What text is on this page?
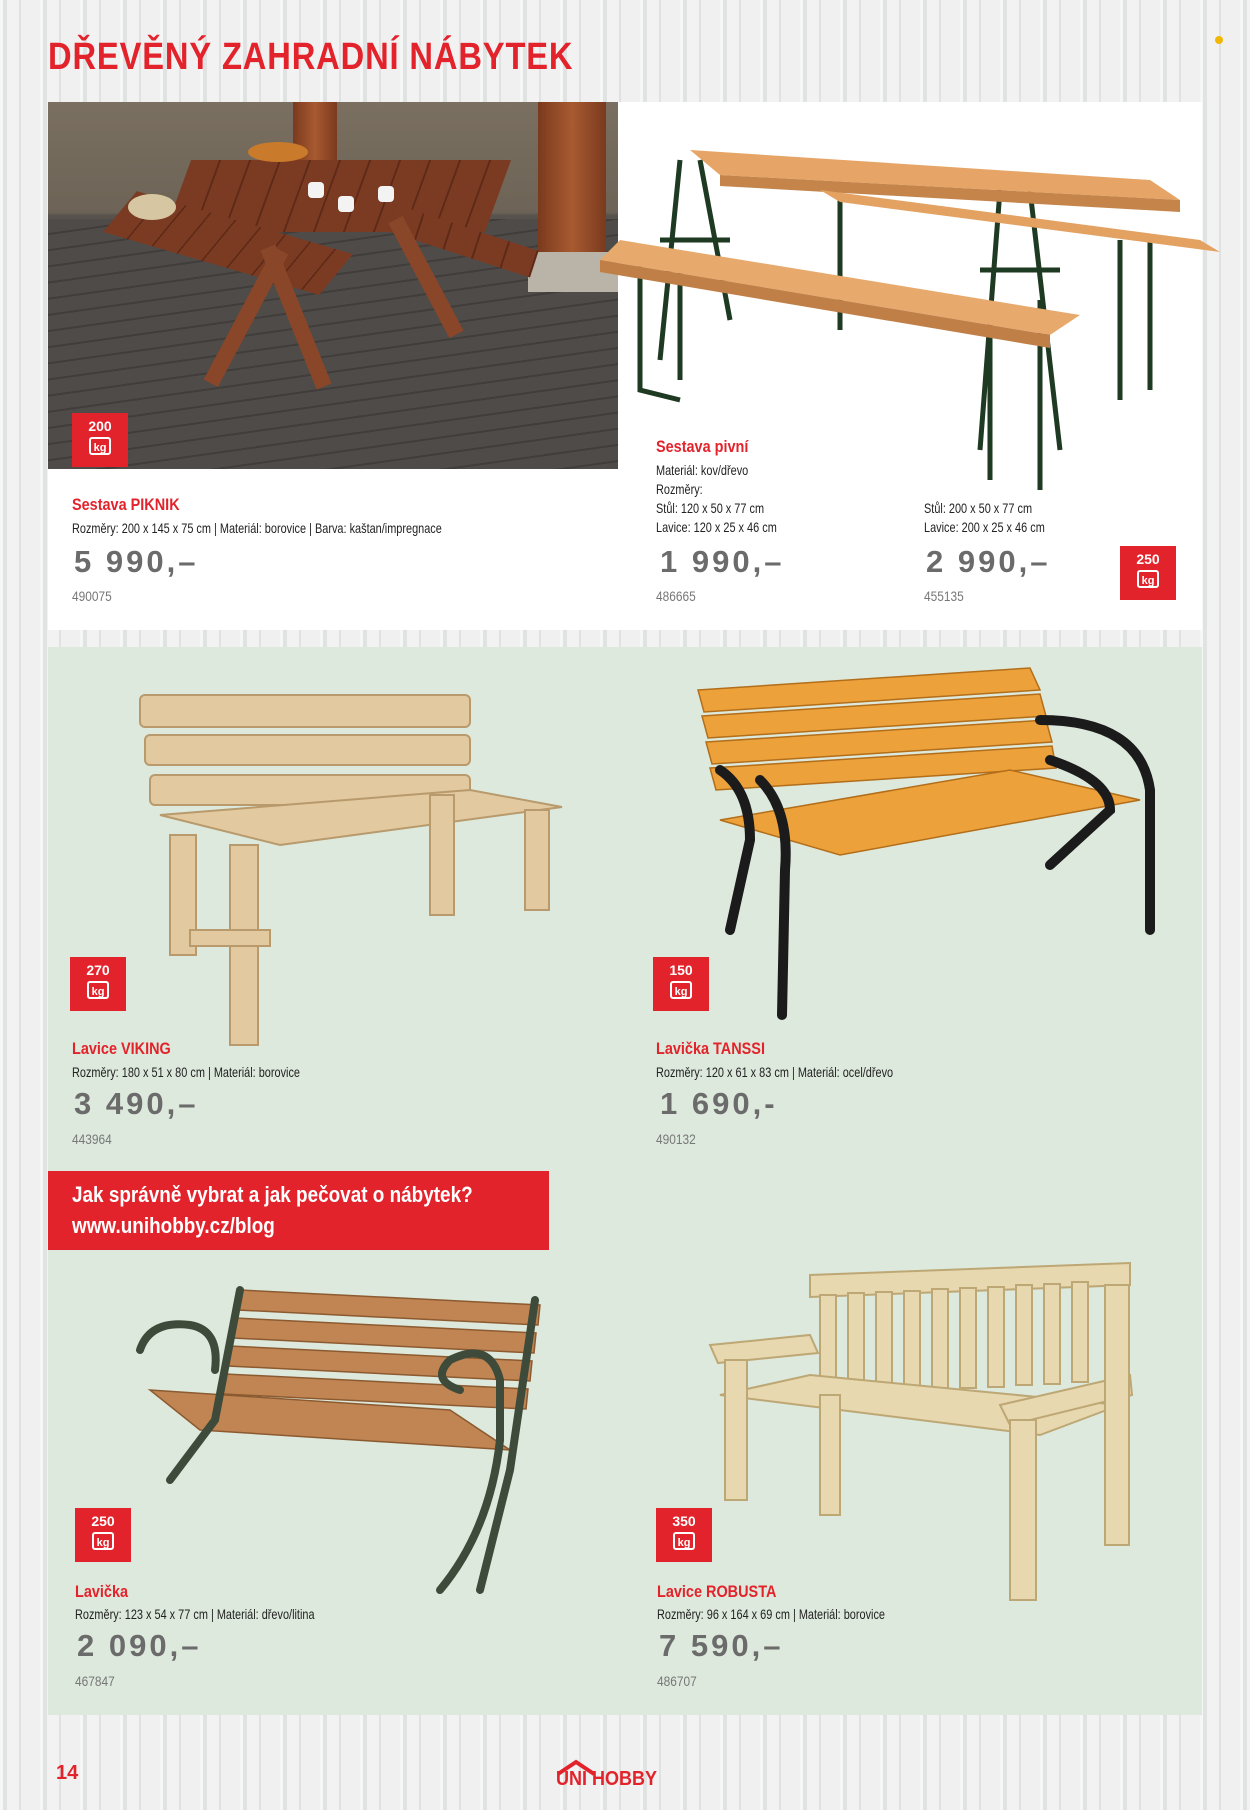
DŘEVĚNÝ ZAHRADNÍ NÁBYTEK
200
kg
Sestava PIKNIK
Rozměry: 200 x 145 x 75 cm | Materiál: borovice | Barva: kaštan/impregnace
5 990,–
490075
Sestava pivní
Materiál: kov/dřevo
Rozměry:
Stůl: 120 x 50 x 77 cm
Lavice: 120 x 25 x 46 cm
1 990,–
486665
Stůl: 200 x 50 x 77 cm
Lavice: 200 x 25 x 46 cm
2 990,–
455135
250
kg
270
kg
Lavice VIKING
Rozměry: 180 x 51 x 80 cm | Materiál: borovice
3 490,–
443964
150
kg
Lavička TANSSI
Rozměry: 120 x 61 x 83 cm | Materiál: ocel/dřevo
1 690,-
490132
Jak správně vybrat a jak pečovat o nábytek?
www.unihobby.cz/blog
250
kg
Lavička
Rozměry: 123 x 54 x 77 cm | Materiál: dřevo/litina
2 090,–
467847
350
kg
Lavice ROBUSTA
Rozměry: 96 x 164 x 69 cm | Materiál: borovice
7 590,–
486707
14	UNI HOBBY
